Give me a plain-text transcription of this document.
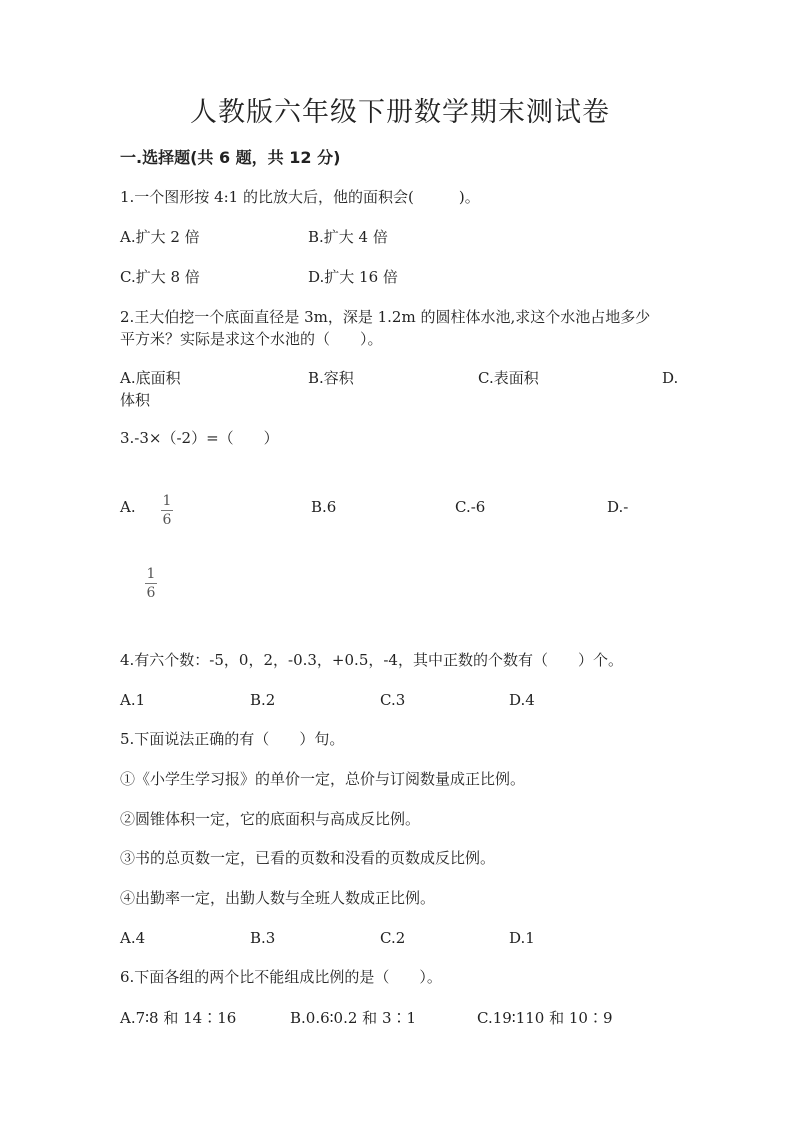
人教版六年级下册数学期末测试卷
一.选择题(共 6 题，共 12 分)
1.一个图形按 4:1 的比放大后，他的面积会(　　　)。
A.扩大 2 倍	B.扩大 4 倍
C.扩大 8 倍	D.扩大 16 倍
2.王大伯挖一个底面直径是 3m，深是 1.2m 的圆柱体水池,求这个水池占地多少
平方米？实际是求这个水池的（　　）。
A.底面积	B.容积	C.表面积	D.
体积
3.-3×（-2）=（　　）
A. 1
6
B.6	C.-6	D.-
1
6
4.有六个数：-5，0，2，-0.3，+0.5，-4，其中正数的个数有（　　）个。
A.1	B.2	C.3	D.4
5.下面说法正确的有（　　）句。
①《小学生学习报》的单价一定，总价与订阅数量成正比例。
②圆锥体积一定，它的底面积与高成反比例。
③书的总页数一定，已看的页数和没看的页数成反比例。
④出勤率一定，出勤人数与全班人数成正比例。
A.4	B.3	C.2	D.1
6.下面各组的两个比不能组成比例的是（　　）。
A.7∶8 和 14∶16	B.0.6∶0.2 和 3∶1	C.19∶110 和 10∶9
